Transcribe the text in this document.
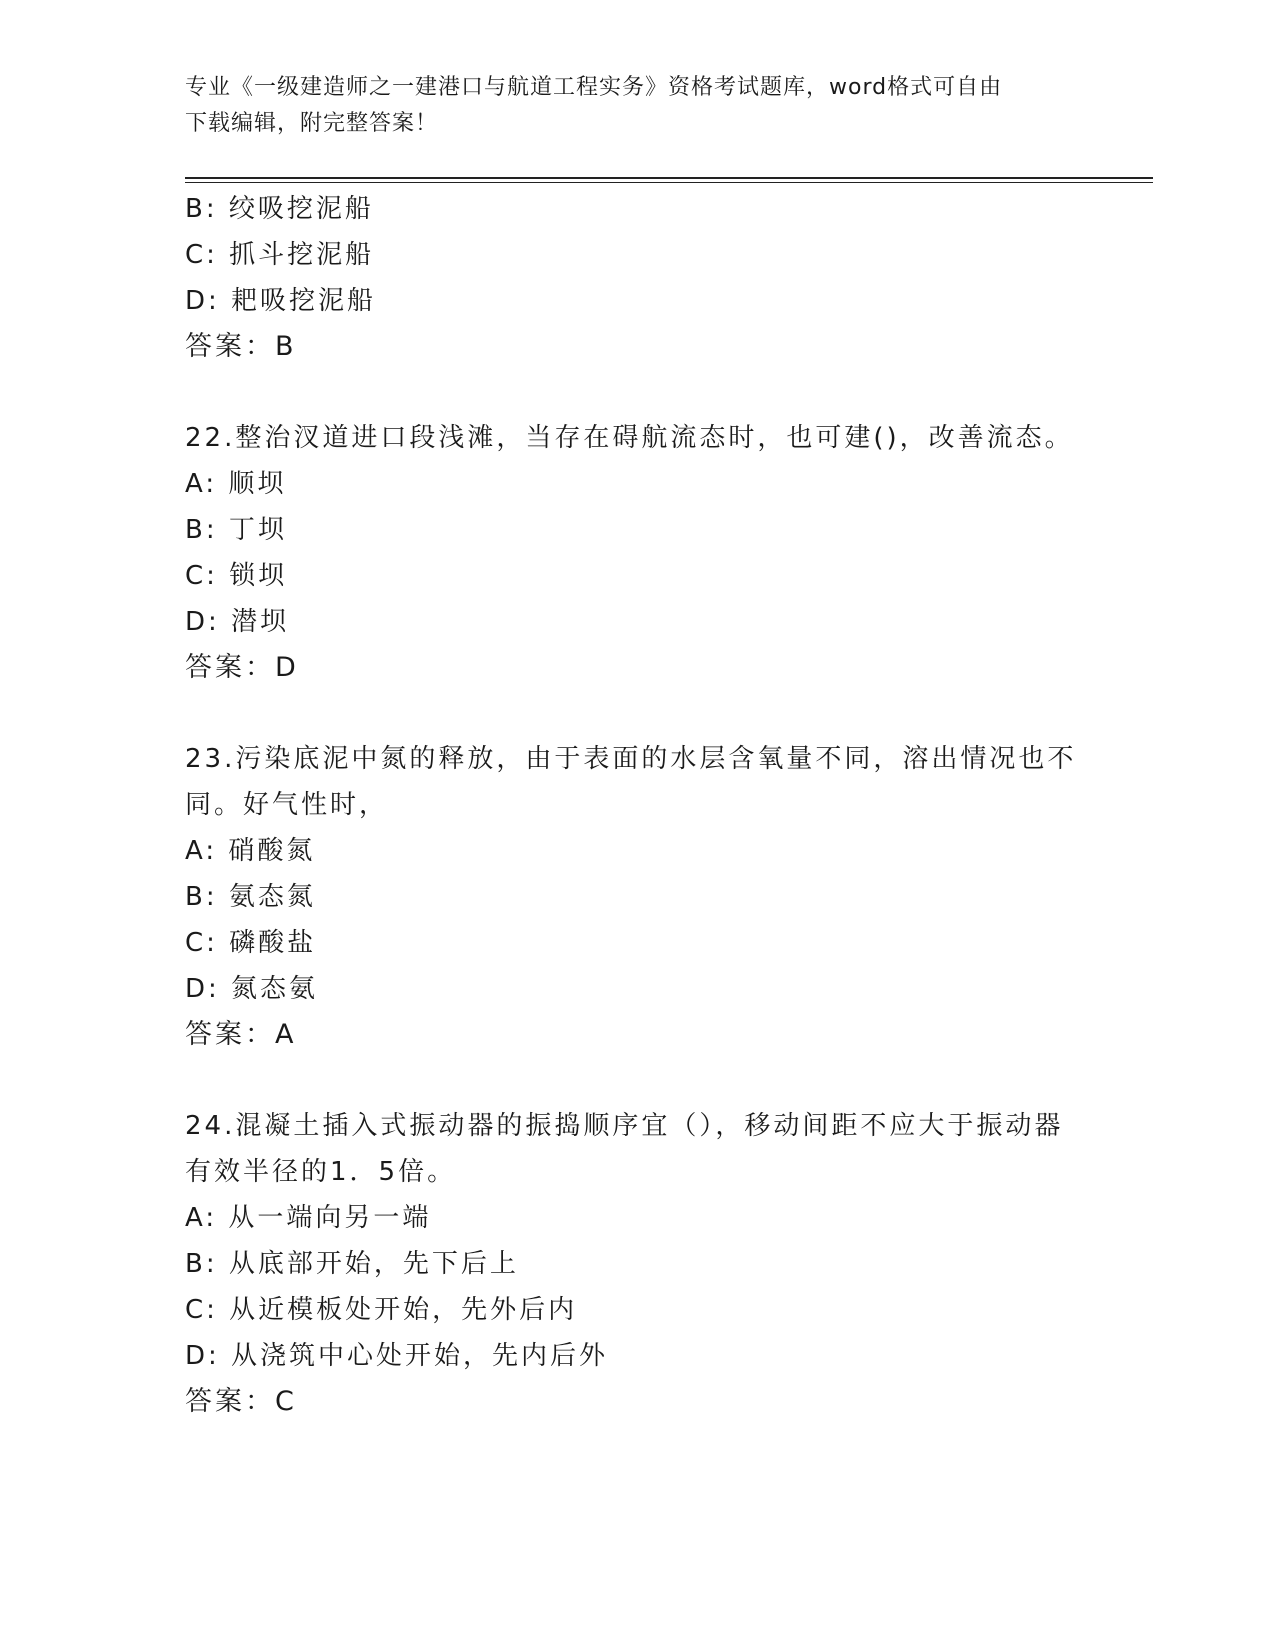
专业《一级建造师之一建港口与航道工程实务》资格考试题库，word格式可自由
下载编辑，附完整答案！
B: 绞吸挖泥船
C: 抓斗挖泥船
D: 耙吸挖泥船
答案：B
22.整治汊道进口段浅滩，当存在碍航流态时，也可建()，改善流态。
A: 顺坝
B: 丁坝
C: 锁坝
D: 潜坝
答案：D
23.污染底泥中氮的释放，由于表面的水层含氧量不同，溶出情况也不
同。好气性时，
A: 硝酸氮
B: 氨态氮
C: 磷酸盐
D: 氮态氨
答案：A
24.混凝土插入式振动器的振捣顺序宜（），移动间距不应大于振动器
有效半径的1．5倍。
A: 从一端向另一端
B: 从底部开始，先下后上
C: 从近模板处开始，先外后内
D: 从浇筑中心处开始，先内后外
答案：C
